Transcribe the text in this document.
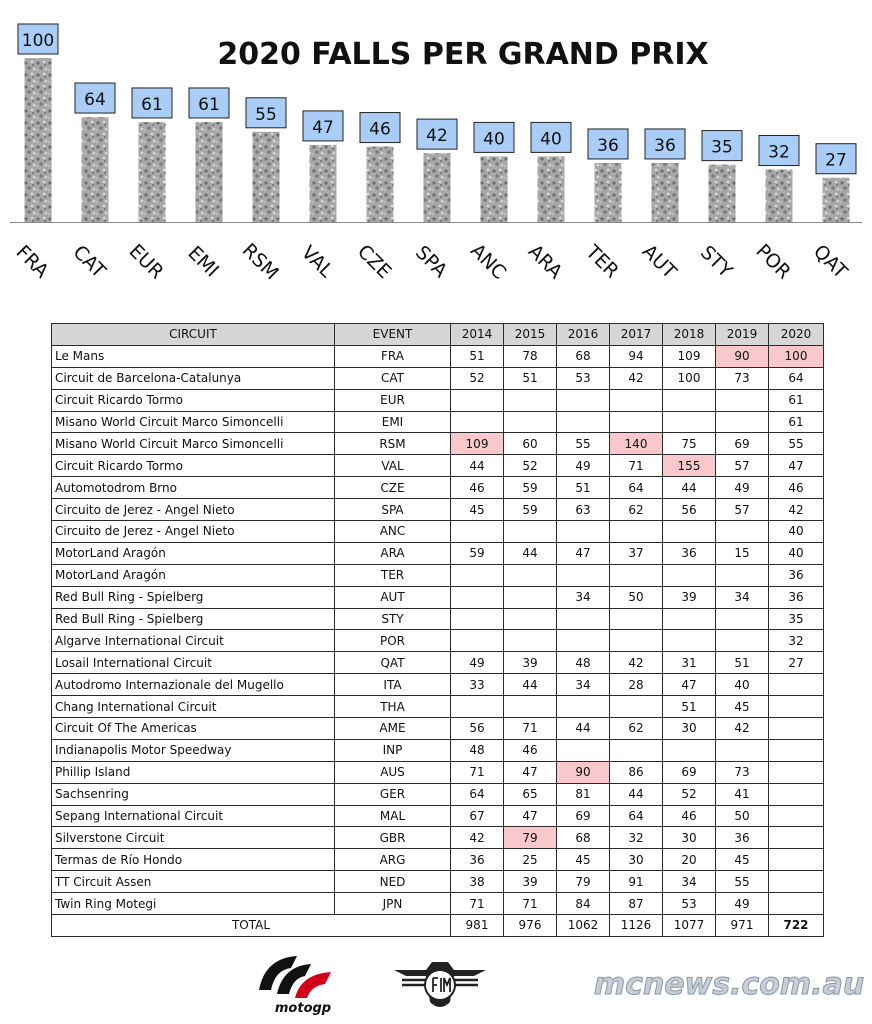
2020 FALLS PER GRAND PRIX
100
FRA
64
CAT
61
EUR
61
EMI
55
RSM
47
VAL
46
CZE
42
SPA
40
ANC
40
ARA
36
TER
36
AUT
35
STY
32
POR
27
QAT
CIRCUIT	EVENT	2014	2015	2016	2017	2018	2019	2020
Le Mans	FRA	51	78	68	94	109	90	100
Circuit de Barcelona-Catalunya	CAT	52	51	53	42	100	73	64
Circuit Ricardo Tormo	EUR							61
Misano World Circuit Marco Simoncelli	EMI							61
Misano World Circuit Marco Simoncelli	RSM	109	60	55	140	75	69	55
Circuit Ricardo Tormo	VAL	44	52	49	71	155	57	47
Automotodrom Brno	CZE	46	59	51	64	44	49	46
Circuito de Jerez - Angel Nieto	SPA	45	59	63	62	56	57	42
Circuito de Jerez - Angel Nieto	ANC							40
MotorLand Aragón	ARA	59	44	47	37	36	15	40
MotorLand Aragón	TER							36
Red Bull Ring - Spielberg	AUT			34	50	39	34	36
Red Bull Ring - Spielberg	STY							35
Algarve International Circuit	POR							32
Losail International Circuit	QAT	49	39	48	42	31	51	27
Autodromo Internazionale del Mugello	ITA	33	44	34	28	47	40	
Chang International Circuit	THA					51	45	
Circuit Of The Americas	AME	56	71	44	62	30	42	
Indianapolis Motor Speedway	INP	48	46					
Phillip Island	AUS	71	47	90	86	69	73	
Sachsenring	GER	64	65	81	44	52	41	
Sepang International Circuit	MAL	67	47	69	64	46	50	
Silverstone Circuit	GBR	42	79	68	32	30	36	
Termas de Río Hondo	ARG	36	25	45	30	20	45	
TT Circuit Assen	NED	38	39	79	91	34	55	
Twin Ring Motegi	JPN	71	71	84	87	53	49	
TOTAL		981	976	1062	1126	1077	971	722
motogp
mcnews.com.au
